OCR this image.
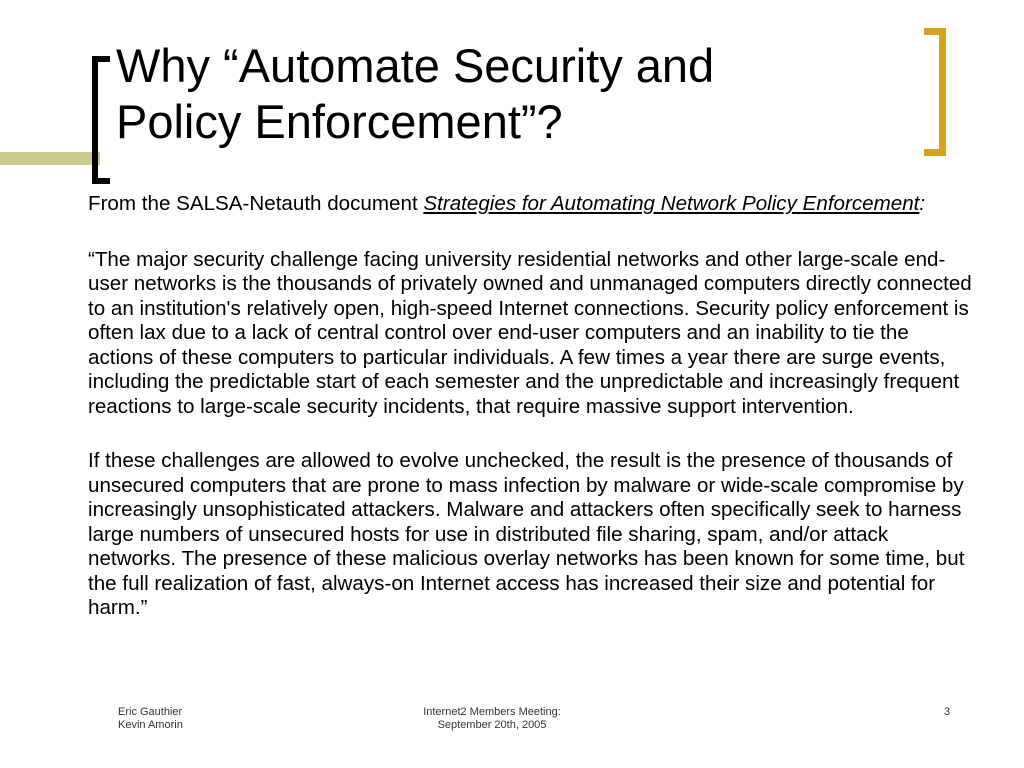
Why “Automate Security and
Policy Enforcement”?

From the SALSA-Netauth document Strategies for Automating Network Policy Enforcement:

“The major security challenge facing university residential networks and other large-scale end-user networks is the thousands of privately owned and unmanaged computers directly connected to an institution's relatively open, high-speed Internet connections. Security policy enforcement is often lax due to a lack of central control over end-user computers and an inability to tie the actions of these computers to particular individuals. A few times a year there are surge events, including the predictable start of each semester and the unpredictable and increasingly frequent reactions to large-scale security incidents, that require massive support intervention.

If these challenges are allowed to evolve unchecked, the result is the presence of thousands of unsecured computers that are prone to mass infection by malware or wide-scale compromise by increasingly unsophisticated attackers. Malware and attackers often specifically seek to harness large numbers of unsecured hosts for use in distributed file sharing, spam, and/or attack networks. The presence of these malicious overlay networks has been known for some time, but the full realization of fast, always-on Internet access has increased their size and potential for harm.”

Eric Gauthier
Kevin Amorin
Internet2 Members Meeting:
September 20th, 2005
3
